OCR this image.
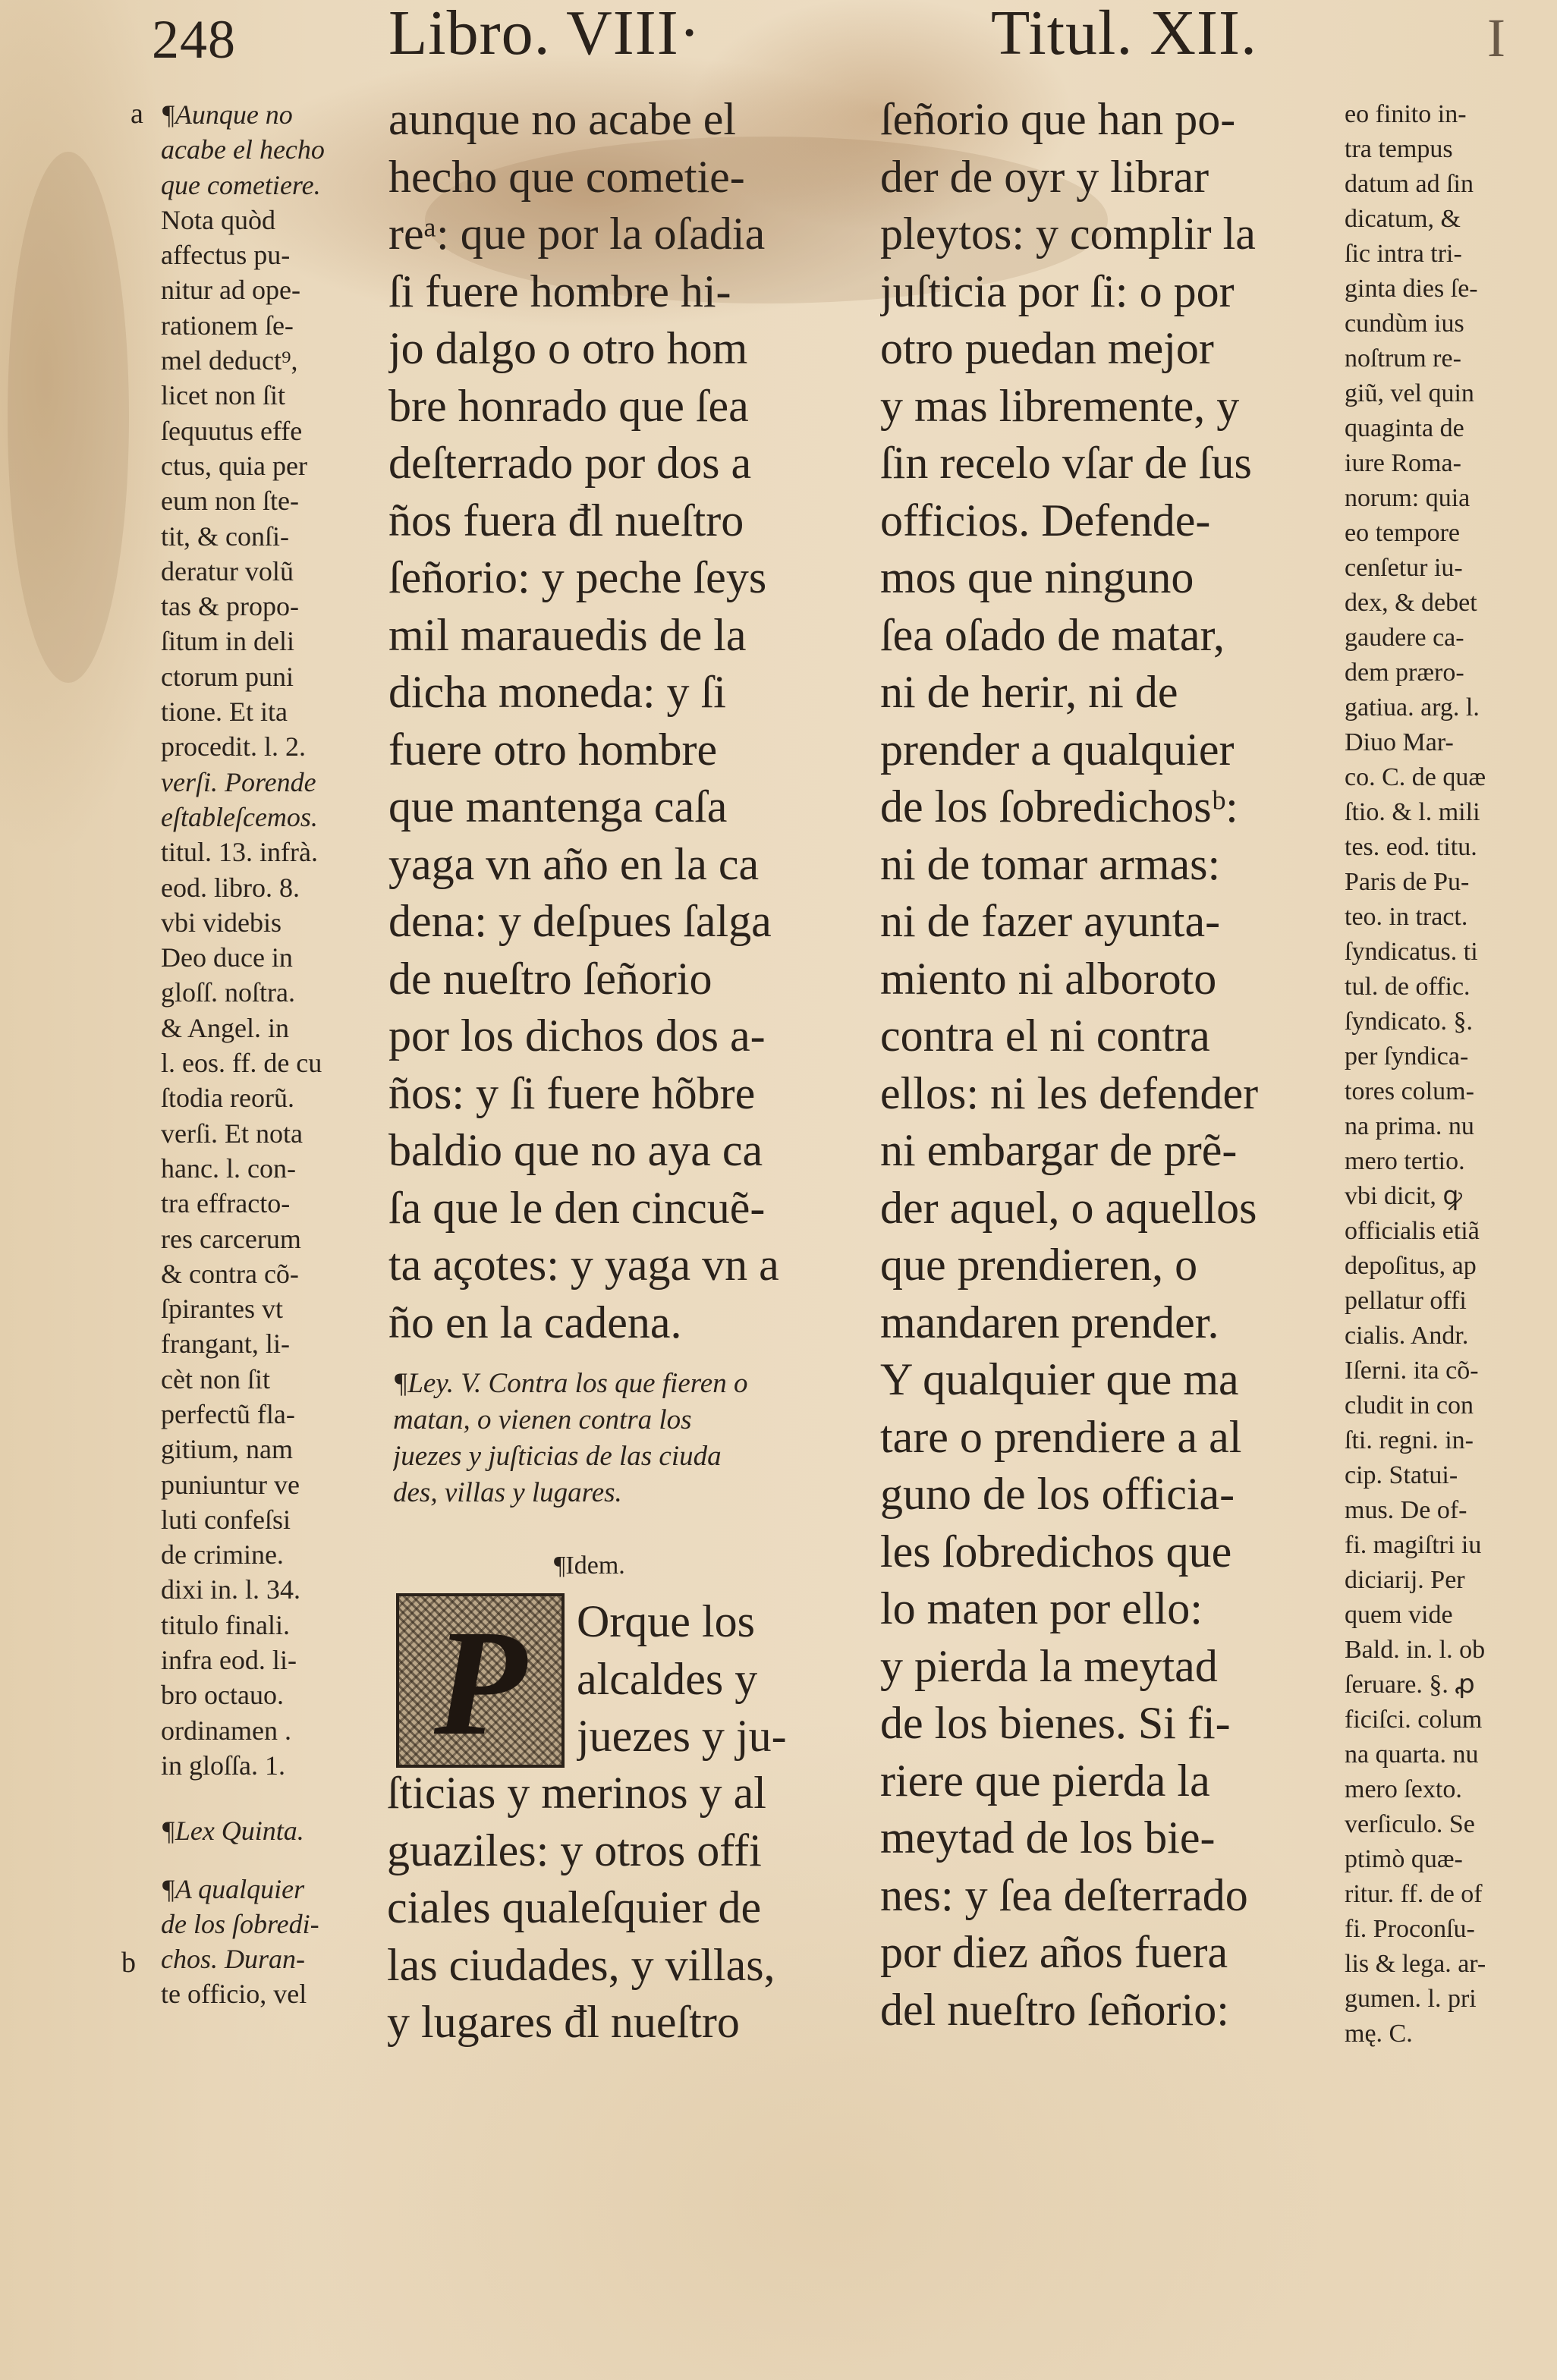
248 Libro. VIII·	Titul. XII.	I
a ¶Aunque no
acabe el hecho
que cometiere.
Nota quòd
affectus pu-
nitur ad ope-
rationem ſe-
mel deduct⁹,
licet non ſit
ſequutus effe
ctus, quia per
eum non ſte-
tit, & conſi-
deratur volũ
tas & propo-
ſitum in deli
ctorum puni
tione. Et ita
procedit. l. 2.
verſi. Porende
eſtableſcemos.
titul. 13. infrà.
eod. libro. 8.
vbi videbis
Deo duce in
gloſſ. noſtra.
& Angel. in
l. eos. ff. de cu
ſtodia reorũ.
verſi. Et nota
hanc. l. con-
tra effracto-
res carcerum
& contra cõ-
ſpirantes vt
frangant, li-
cèt non ſit
perfectũ fla-
gitium, nam
puniuntur ve
luti confeſsi
de crimine.
dixi in. l. 34.
titulo finali.
infra eod. li-
bro octauo.
ordinamen .
in gloſſa. 1.
¶Lex Quinta.
¶A qualquier
de los ſobredi-
chos. Duran-
te officio, vel
b
aunque no acabe el
hecho que cometie-
reᵃ: que por la oſadia
ſi fuere hombre hi-
jo dalgo o otro hom
bre honrado que ſea
deſterrado por dos a
ños fuera đl nueſtro
ſeñorio: y peche ſeys
mil marauedis de la
dicha moneda: y ſi
fuere otro hombre
que mantenga caſa
yaga vn año en la ca
dena: y deſpues ſalga
de nueſtro ſeñorio
por los dichos dos a-
ños: y ſi fuere hõbre
baldio que no aya ca
ſa que le den cincuẽ-
ta açotes: y yaga vn a
ño en la cadena.
¶Ley. V. Contra los que fieren o
matan, o vienen contra los
juezes y juſticias de las ciuda
des, villas y lugares.
¶Idem.
P	Orque los
alcaldes y
juezes y ju-
ſticias y merinos y al
guaziles: y otros offi
ciales qualeſquier de
las ciudades, y villas,
y lugares đl nueſtro
ſeñorio que han po-
der de oyr y librar
pleytos: y complir la
juſticia por ſi: o por
otro puedan mejor
y mas libremente, y
ſin recelo vſar de ſus
officios. Defende-
mos que ninguno
ſea oſado de matar,
ni de herir, ni de
prender a qualquier
de los ſobredichosᵇ:
ni de tomar armas:
ni de fazer ayunta-
miento ni alboroto
contra el ni contra
ellos: ni les defender
ni embargar de prẽ-
der aquel, o aquellos
que prendieren, o
mandaren prender.
Y qualquier que ma
tare o prendiere a al
guno de los officia-
les ſobredichos que
lo maten por ello:
y pierda la meytad
de los bienes. Si fi-
riere que pierda la
meytad de los bie-
nes: y ſea deſterrado
por diez años fuera
del nueſtro ſeñorio:
eo finito in-
tra tempus
datum ad ſin
dicatum, &
ſic intra tri-
ginta dies ſe-
cundùm ius
noſtrum re-
giũ, vel quin
quaginta de
iure Roma-
norum: quia
eo tempore
cenſetur iu-
dex, & debet
gaudere ca-
dem præro-
gatiua. arg. l.
Diuo Mar-
co. C. de quæ
ſtio. & l. mili
tes. eod. titu.
Paris de Pu-
teo. in tract.
ſyndicatus. ti
tul. de offic.
ſyndicato. §.
per ſyndica-
tores colum-
na prima. nu
mero tertio.
vbi dicit, ꝙ
officialis etiã
depoſitus, ap
pellatur offi
cialis. Andr.
Iſerni. ita cõ-
cludit in con
ſti. regni. in-
cip. Statui-
mus. De of-
fi. magiſtri iu
diciarij. Per
quem vide
Bald. in. l. ob
ſeruare. §. ꝓ
ficiſci. colum
na quarta. nu
mero ſexto.
verſiculo. Se
ptimò quæ-
ritur. ff. de of
fi. Proconſu-
lis & lega. ar-
gumen. l. pri
mę. C.
